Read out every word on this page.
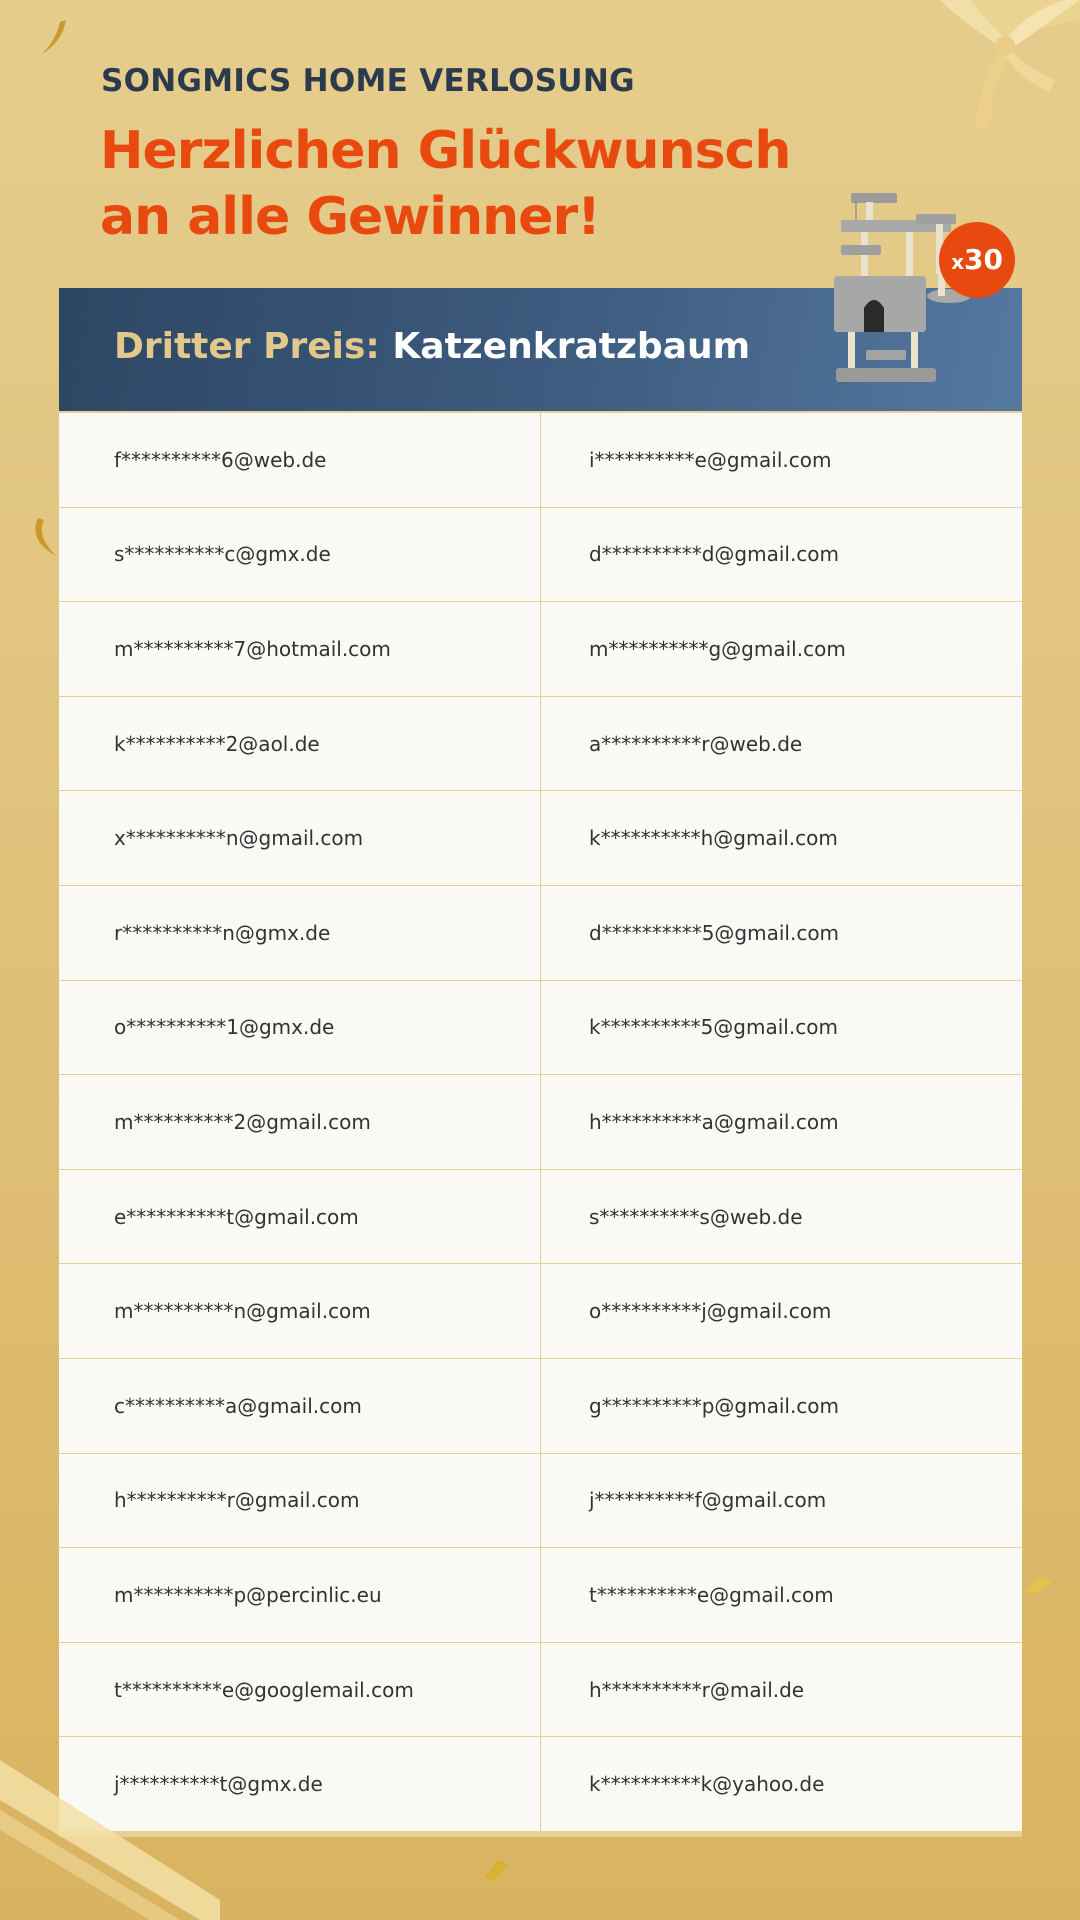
SONGMICS HOME VERLOSUNG
Herzlichen Glückwunsch
an alle Gewinner!
Dritter Preis: Katzenkratzbaum
x30
f**********6@web.de	i**********e@gmail.com
s**********c@gmx.de	d**********d@gmail.com
m**********7@hotmail.com	m**********g@gmail.com
k**********2@aol.de	a**********r@web.de
x**********n@gmail.com	k**********h@gmail.com
r**********n@gmx.de	d**********5@gmail.com
o**********1@gmx.de	k**********5@gmail.com
m**********2@gmail.com	h**********a@gmail.com
e**********t@gmail.com	s**********s@web.de
m**********n@gmail.com	o**********j@gmail.com
c**********a@gmail.com	g**********p@gmail.com
h**********r@gmail.com	j**********f@gmail.com
m**********p@percinlic.eu	t**********e@gmail.com
t**********e@googlemail.com	h**********r@mail.de
j**********t@gmx.de	k**********k@yahoo.de
